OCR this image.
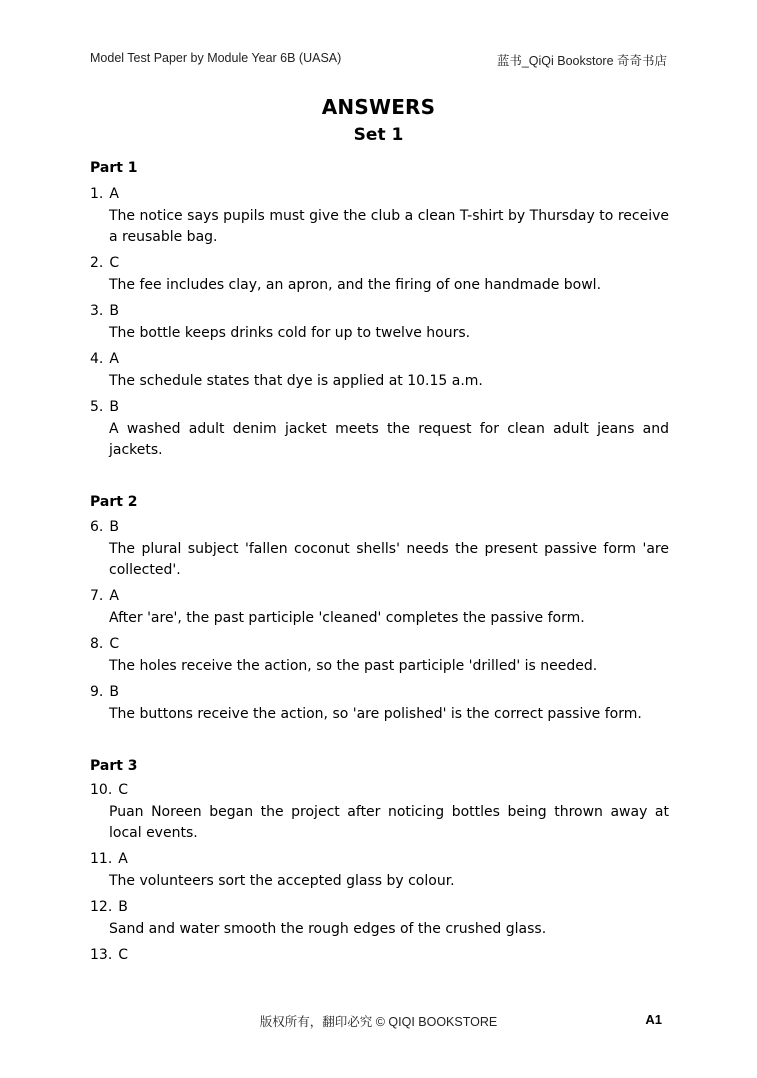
Model Test Paper by Module Year 6B (UASA)	蓝书_QiQi Bookstore 奇奇书店
ANSWERS
Set 1
Part 1
1. A
The notice says pupils must give the club a clean T-shirt by Thursday to receive a reusable bag.
2. C
The fee includes clay, an apron, and the firing of one handmade bowl.
3. B
The bottle keeps drinks cold for up to twelve hours.
4. A
The schedule states that dye is applied at 10.15 a.m.
5. B
A washed adult denim jacket meets the request for clean adult jeans and jackets.
Part 2
6. B
The plural subject 'fallen coconut shells' needs the present passive form 'are collected'.
7. A
After 'are', the past participle 'cleaned' completes the passive form.
8. C
The holes receive the action, so the past participle 'drilled' is needed.
9. B
The buttons receive the action, so 'are polished' is the correct passive form.
Part 3
10. C
Puan Noreen began the project after noticing bottles being thrown away at local events.
11. A
The volunteers sort the accepted glass by colour.
12. B
Sand and water smooth the rough edges of the crushed glass.
13. C
版权所有，翻印必究 © QIQI BOOKSTORE	A1
